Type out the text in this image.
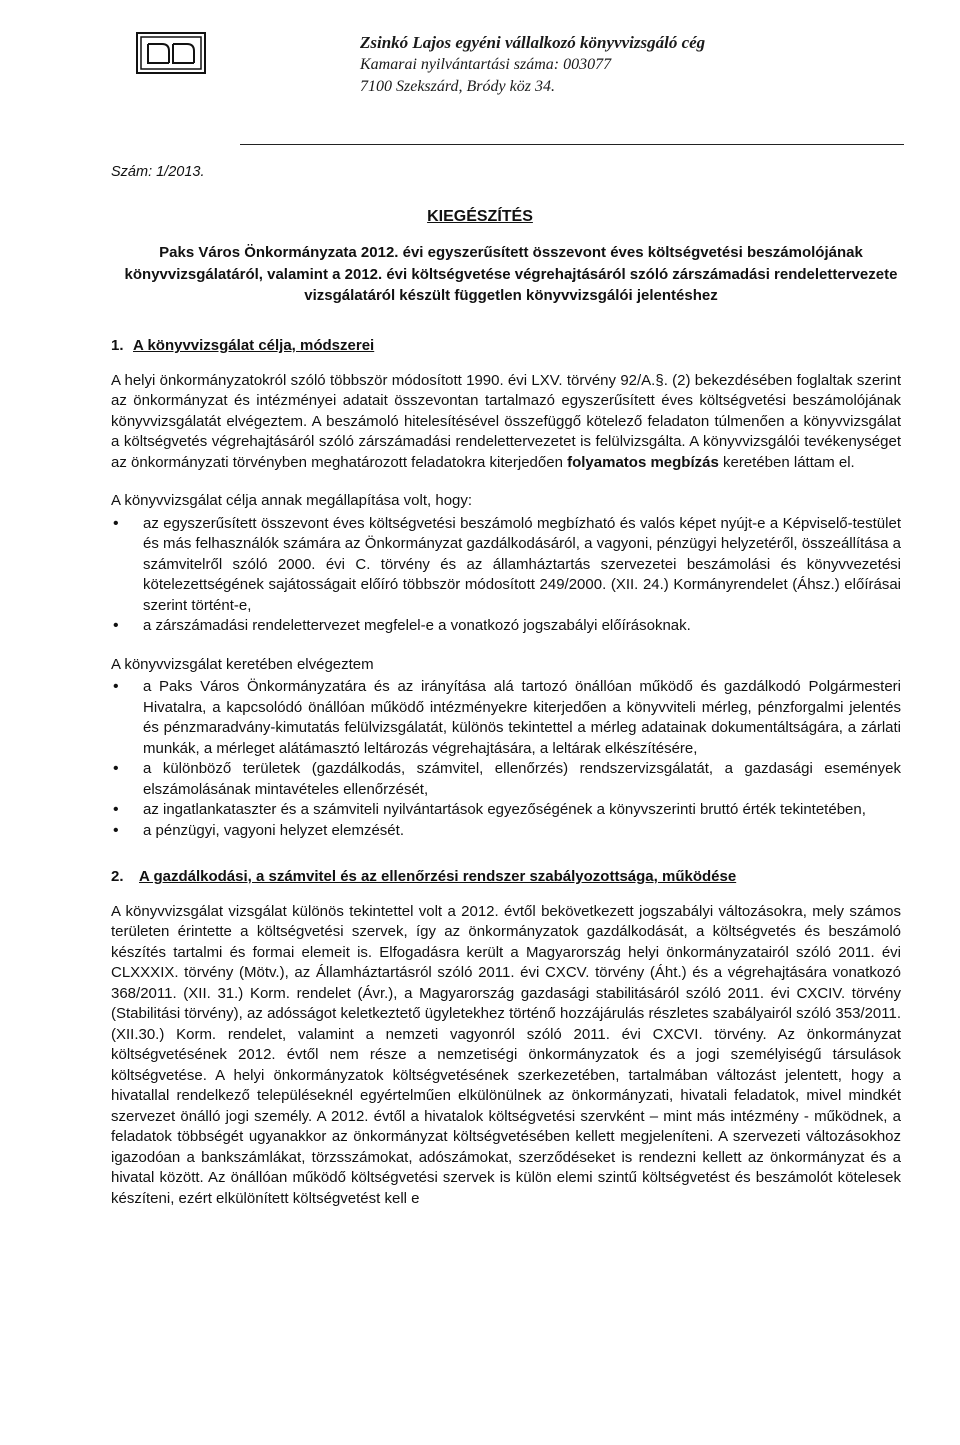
Zsinkó Lajos egyéni vállalkozó könyvvizsgáló cég
Kamarai nyilvántartási száma: 003077
7100 Szekszárd, Bródy köz 34.
Szám: 1/2013.
KIEGÉSZÍTÉS
Paks Város Önkormányzata 2012. évi egyszerűsített összevont éves költségvetési beszámolójának könyvvizsgálatáról, valamint a 2012. évi költségvetése végrehajtásáról szóló zárszámadási rendelettervezete vizsgálatáról készült független könyvvizsgálói jelentéshez
1. A könyvvizsgálat célja, módszerei

A helyi önkormányzatokról szóló többször módosított 1990. évi LXV. törvény 92/A.§. (2) bekezdésében foglaltak szerint az önkormányzat és intézményei adatait összevontan tartalmazó egyszerűsített éves költségvetési beszámolójának könyvvizsgálatát elvégeztem. A beszámoló hitelesítésével összefüggő kötelező feladaton túlmenően a könyvvizsgálat a költségvetés végrehajtásáról szóló zárszámadási rendelettervezetet is felülvizsgálta. A könyvvizsgálói tevékenységet az önkormányzati törvényben meghatározott feladatokra kiterjedően folyamatos megbízás keretében láttam el.

A könyvvizsgálat célja annak megállapítása volt, hogy:

• az egyszerűsített összevont éves költségvetési beszámoló megbízható és valós képet nyújt-e a Képviselő-testület és más felhasználók számára az Önkormányzat gazdálkodásáról, a vagyoni, pénzügyi helyzetéről, összeállítása a számvitelről szóló 2000. évi C. törvény és az államháztartás szervezetei beszámolási és könyvvezetési kötelezettségének sajátosságait előíró többször módosított 249/2000. (XII. 24.) Kormányrendelet (Áhsz.) előírásai szerint történt-e,
• a zárszámadási rendelettervezet megfelel-e a vonatkozó jogszabályi előírásoknak.

A könyvvizsgálat keretében elvégeztem

• a Paks Város Önkormányzatára és az irányítása alá tartozó önállóan működő és gazdálkodó Polgármesteri Hivatalra, a kapcsolódó önállóan működő intézményekre kiterjedően a könyvviteli mérleg, pénzforgalmi jelentés és pénzmaradvány-kimutatás felülvizsgálatát, különös tekintettel a mérleg adatainak dokumentáltságára, a zárlati munkák, a mérleget alátámasztó leltározás végrehajtására, a leltárak elkészítésére,
• a különböző területek (gazdálkodás, számvitel, ellenőrzés) rendszervizsgálatát, a gazdasági események elszámolásának mintavételes ellenőrzését,
• az ingatlankataszter és a számviteli nyilvántartások egyezőségének a könyvszerinti bruttó érték tekintetében,
• a pénzügyi, vagyoni helyzet elemzését.
2. A gazdálkodási, a számvitel és az ellenőrzési rendszer szabályozottsága, működése

A könyvvizsgálat vizsgálat különös tekintettel volt a 2012. évtől bekövetkezett jogszabályi változásokra, mely számos területen érintette a költségvetési szervek, így az önkormányzatok gazdálkodását, a költségvetés és beszámoló készítés tartalmi és formai elemeit is. Elfogadásra került a Magyarország helyi önkormányzatairól szóló 2011. évi CLXXXIX. törvény (Mötv.), az Államháztartásról szóló 2011. évi CXCV. törvény (Áht.) és a végrehajtására vonatkozó 368/2011. (XII. 31.) Korm. rendelet (Ávr.), a Magyarország gazdasági stabilitásáról szóló 2011. évi CXCIV. törvény (Stabilitási törvény), az adósságot keletkeztető ügyletekhez történő hozzájárulás részletes szabályairól szóló 353/2011.(XII.30.) Korm. rendelet, valamint a nemzeti vagyonról szóló 2011. évi CXCVI. törvény. Az önkormányzat költségvetésének 2012. évtől nem része a nemzetiségi önkormányzatok és a jogi személyiségű társulások költségvetése. A helyi önkormányzatok költségvetésének szerkezetében, tartalmában változást jelentett, hogy a hivatallal rendelkező településeknél egyértelműen elkülönülnek az önkormányzati, hivatali feladatok, mivel mindkét szervezet önálló jogi személy. A 2012. évtől a hivatalok költségvetési szervként – mint más intézmény - működnek, a feladatok többségét ugyanakkor az önkormányzat költségvetésében kellett megjeleníteni. A szervezeti változásokhoz igazodóan a bankszámlákat, törzsszámokat, adószámokat, szerződéseket is rendezni kellett az önkormányzat és a hivatal között. Az önállóan működő költségvetési szervek is külön elemi szintű költségvetést és beszámolót kötelesek készíteni, ezért elkülönített költségvetést kell e
